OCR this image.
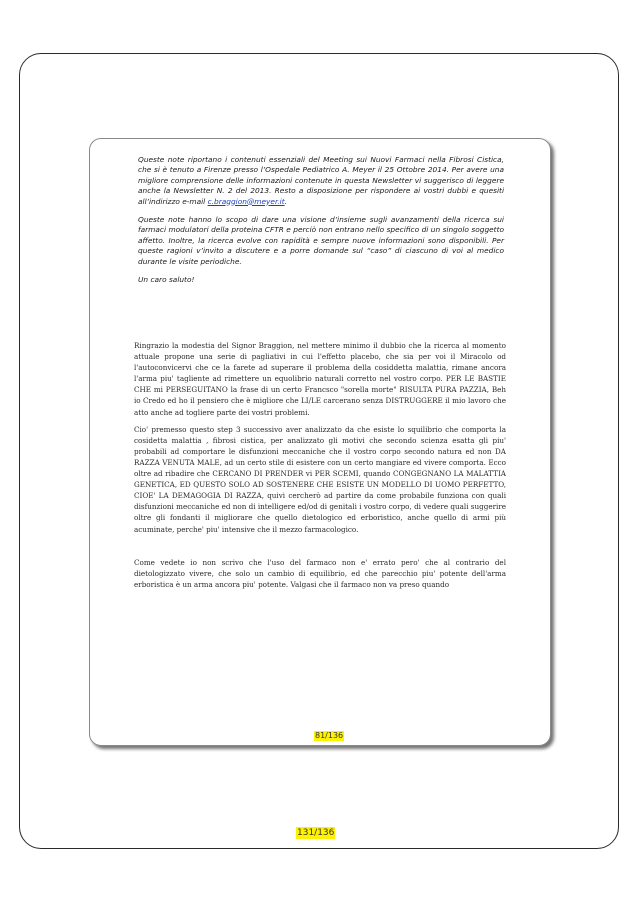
Queste note riportano i contenuti essenziali del Meeting sui Nuovi Farmaci nella Fibrosi Cistica, che si è tenuto a Firenze presso l’Ospedale Pediatrico A. Meyer il 25 Ottobre 2014. Per avere una migliore comprensione delle informazioni contenute in questa Newsletter vi suggerisco di leggere anche la Newsletter N. 2 del 2013. Resto a disposizione per rispondere ai vostri dubbi e quesiti all’indirizzo e-mail c.braggion@meyer.it.

Queste note hanno lo scopo di dare una visione d’insieme sugli avanzamenti della ricerca sui farmaci modulatori della proteina CFTR e perciò non entrano nello specifico di un singolo soggetto affetto. Inoltre, la ricerca evolve con rapidità e sempre nuove informazioni sono disponibili. Per queste ragioni v’invito a discutere e a porre domande sul “caso” di ciascuno di voi al medico durante le visite periodiche.

Un caro saluto!

Ringrazio la modestia del Signor Braggion, nel mettere minimo il dubbio che la ricerca al momento attuale propone una serie di pagliativi in cui l'effetto placebo, che sia per voi il Miracolo od l'autoconvicervi che ce la farete ad superare il problema della cosiddetta malattia, rimane ancora l'arma piu' tagliente ad rimettere un equolibrio naturali corretto nel vostro corpo. PER LE BASTIE CHE mi PERSEGUITANO la frase di un certo Francsco "sorella morte" RISULTA PURA PAZZIA, Beh io Credo ed ho il pensiero che è migliore che LI/LE carcerano senza DISTRUGGERE il mio lavoro che atto anche ad togliere parte dei vostri problemi.

Cio' premesso questo step 3 successivo aver analizzato da che esiste lo squilibrio che comporta la cosidetta malattia , fibrosi cistica, per analizzato gli motivi che secondo scienza esatta gli piu' probabili ad comportare le disfunzioni meccaniche che il vostro corpo secondo natura ed non DA RAZZA VENUTA MALE, ad un certo stile di esistere con un certo mangiare ed vivere comporta. Ecco oltre ad ribadire che CERCANO DI PRENDER vi PER SCEMI, quando CONGEGNANO LA MALATTIA GENETICA, ED QUESTO SOLO AD SOSTENERE CHE ESISTE UN MODELLO DI UOMO PERFETTO, CIOE' LA DEMAGOGIA DI RAZZA, quivi cercherò ad partire da come probabile funziona con quali disfunzioni meccaniche ed non di intelligere ed/od di genitali i vostro corpo, di vedere quali suggerire oltre gli fondanti il migliorare che quello dietologico ed erboristico, anche quello di armi più acuminate, perche' piu' intensive che il mezzo farmacologico.

Come vedete io non scrivo che l'uso del farmaco non e' errato pero' che al contrario del dietologizzato vivere, che solo un cambio di equilibrio, ed che parecchio piu' potente dell'arma erboristica è un arma ancora piu' potente. Valgasi che il farmaco non va preso quando

81/136
131/136
